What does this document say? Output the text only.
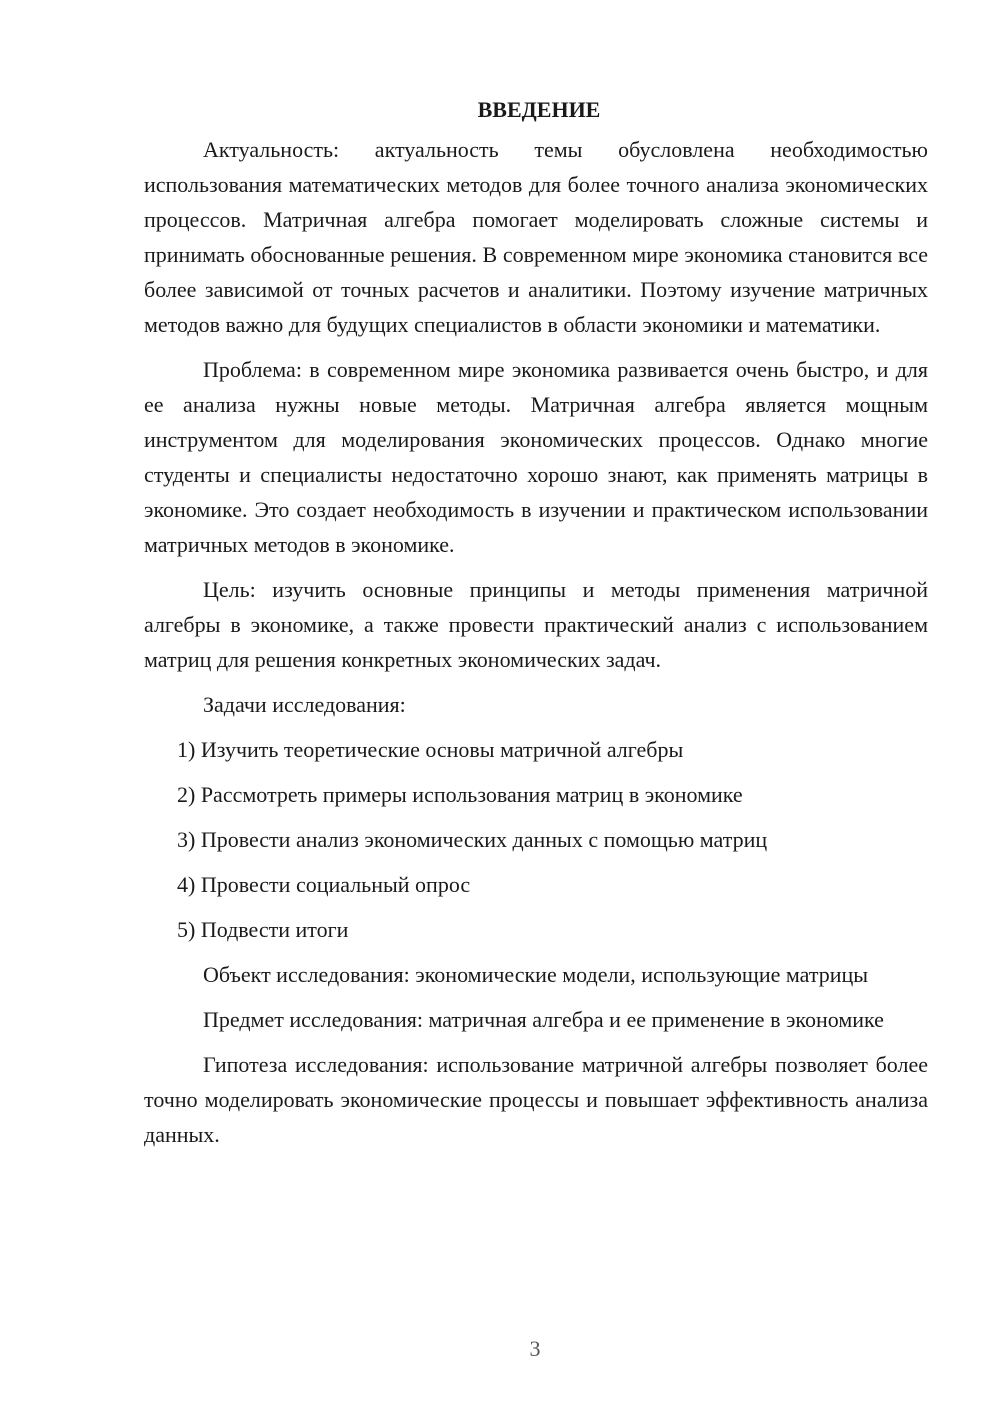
ВВЕДЕНИЕ

Актуальность: актуальность темы обусловлена необходимостью использования математических методов для более точного анализа экономических процессов. Матричная алгебра помогает моделировать сложные системы и принимать обоснованные решения. В современном мире экономика становится все более зависимой от точных расчетов и аналитики. Поэтому изучение матричных методов важно для будущих специалистов в области экономики и математики.

Проблема: в современном мире экономика развивается очень быстро, и для ее анализа нужны новые методы. Матричная алгебра является мощным инструментом для моделирования экономических процессов. Однако многие студенты и специалисты недостаточно хорошо знают, как применять матрицы в экономике. Это создает необходимость в изучении и практическом использовании матричных методов в экономике.

Цель: изучить основные принципы и методы применения матричной алгебры в экономике, а также провести практический анализ с использованием матриц для решения конкретных экономических задач.

Задачи исследования:

1) Изучить теоретические основы матричной алгебры
2) Рассмотреть примеры использования матриц в экономике
3) Провести анализ экономических данных с помощью матриц
4) Провести социальный опрос
5) Подвести итоги

Объект исследования: экономические модели, использующие матрицы

Предмет исследования: матричная алгебра и ее применение в экономике

Гипотеза исследования: использование матричной алгебры позволяет более точно моделировать экономические процессы и повышает эффективность анализа данных.

3
